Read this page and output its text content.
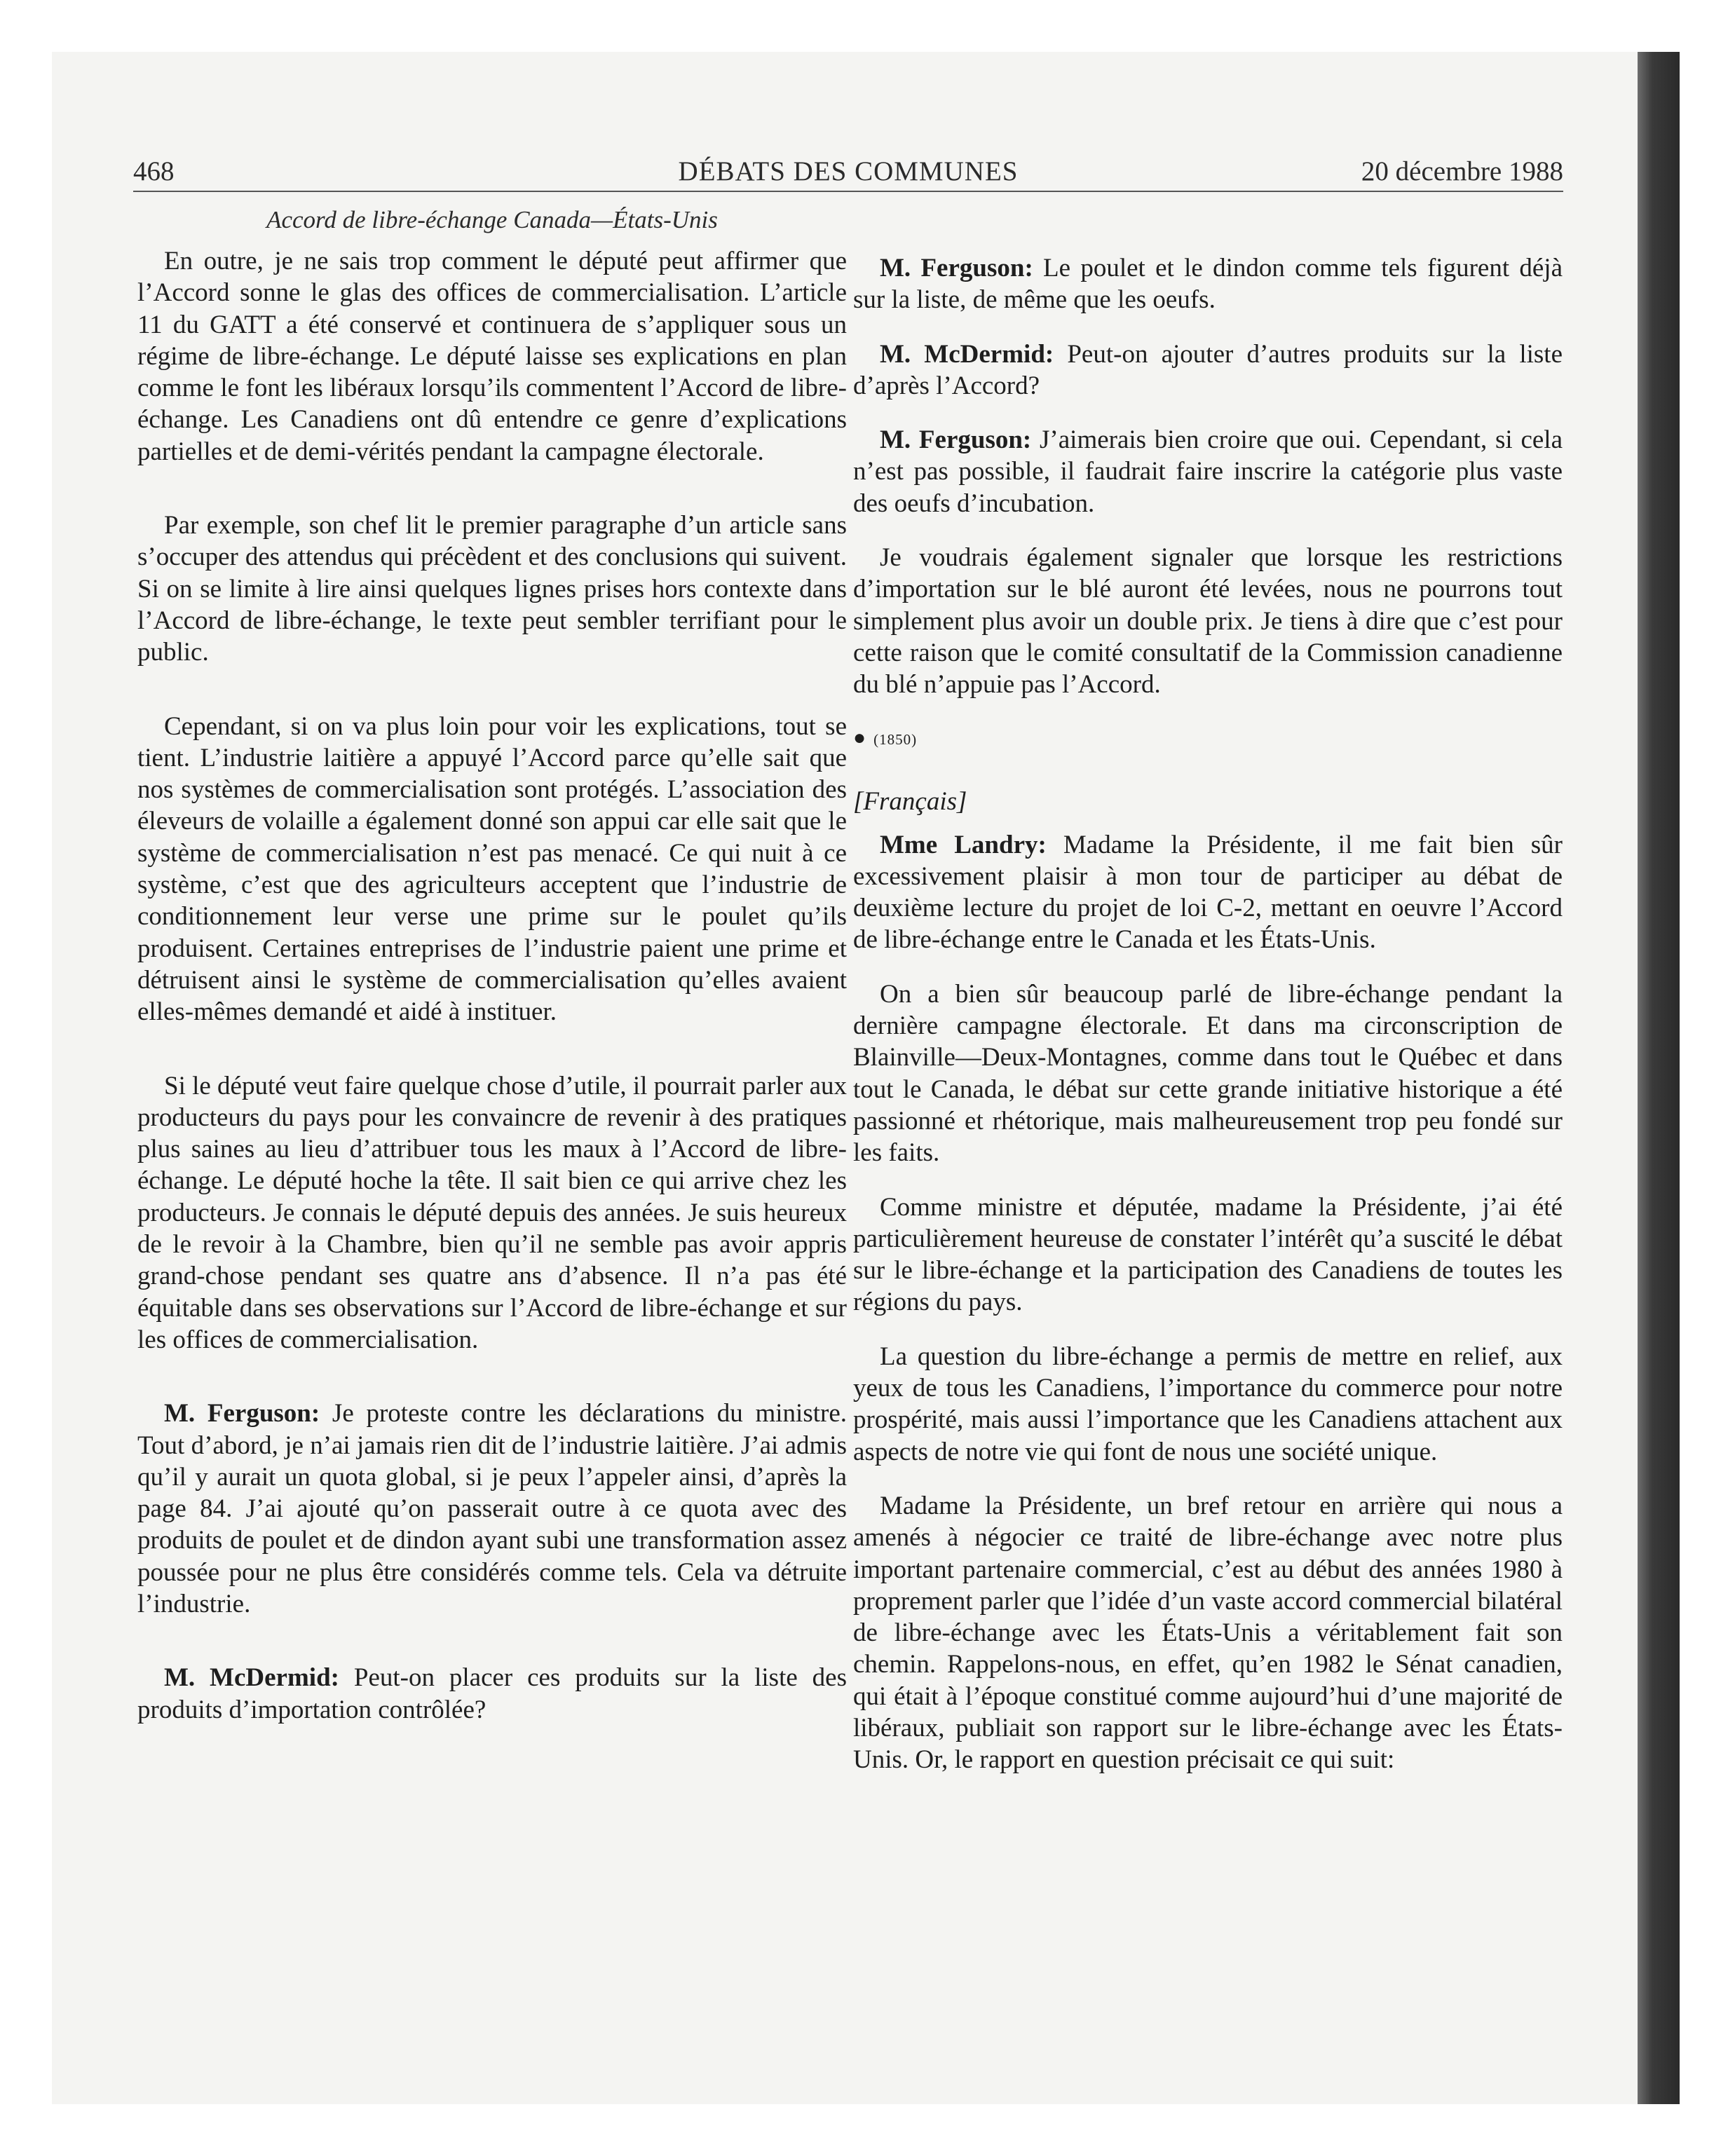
468	DÉBATS DES COMMUNES	20 décembre 1988
Accord de libre-échange Canada—États-Unis

En outre, je ne sais trop comment le député peut affirmer que l’Accord sonne le glas des offices de commercialisation. L’article 11 du GATT a été conservé et continuera de s’appliquer sous un régime de libre-échange. Le député laisse ses explications en plan comme le font les libéraux lorsqu’ils commentent l’Accord de libre-échange. Les Canadiens ont dû entendre ce genre d’explications partielles et de demi-vérités pendant la campagne électorale.

Par exemple, son chef lit le premier paragraphe d’un article sans s’occuper des attendus qui précèdent et des conclusions qui suivent. Si on se limite à lire ainsi quelques lignes prises hors contexte dans l’Accord de libre-échange, le texte peut sembler terrifiant pour le public.

Cependant, si on va plus loin pour voir les explications, tout se tient. L’industrie laitière a appuyé l’Accord parce qu’elle sait que nos systèmes de commercialisation sont protégés. L’association des éleveurs de volaille a également donné son appui car elle sait que le système de commercialisation n’est pas menacé. Ce qui nuit à ce système, c’est que des agriculteurs acceptent que l’industrie de conditionnement leur verse une prime sur le poulet qu’ils produisent. Certaines entreprises de l’industrie paient une prime et détruisent ainsi le système de commercialisation qu’elles avaient elles-mêmes demandé et aidé à instituer.

Si le député veut faire quelque chose d’utile, il pourrait parler aux producteurs du pays pour les convaincre de revenir à des pratiques plus saines au lieu d’attribuer tous les maux à l’Accord de libre-échange. Le député hoche la tête. Il sait bien ce qui arrive chez les producteurs. Je connais le député depuis des années. Je suis heureux de le revoir à la Chambre, bien qu’il ne semble pas avoir appris grand-chose pendant ses quatre ans d’absence. Il n’a pas été équitable dans ses observations sur l’Accord de libre-échange et sur les offices de commercialisation.

M. Ferguson: Je proteste contre les déclarations du ministre. Tout d’abord, je n’ai jamais rien dit de l’industrie laitière. J’ai admis qu’il y aurait un quota global, si je peux l’appeler ainsi, d’après la page 84. J’ai ajouté qu’on passerait outre à ce quota avec des produits de poulet et de dindon ayant subi une transformation assez poussée pour ne plus être considérés comme tels. Cela va détruite l’industrie.

M. McDermid: Peut-on placer ces produits sur la liste des produits d’importation contrôlée?

M. Ferguson: Le poulet et le dindon comme tels figurent déjà sur la liste, de même que les oeufs.

M. McDermid: Peut-on ajouter d’autres produits sur la liste d’après l’Accord?

M. Ferguson: J’aimerais bien croire que oui. Cependant, si cela n’est pas possible, il faudrait faire inscrire la catégorie plus vaste des oeufs d’incubation.

Je voudrais également signaler que lorsque les restrictions d’importation sur le blé auront été levées, nous ne pourrons tout simplement plus avoir un double prix. Je tiens à dire que c’est pour cette raison que le comité consultatif de la Commission canadienne du blé n’appuie pas l’Accord.

● (1850)
[Français]

Mme Landry: Madame la Présidente, il me fait bien sûr excessivement plaisir à mon tour de participer au débat de deuxième lecture du projet de loi C-2, mettant en oeuvre l’Accord de libre-échange entre le Canada et les États-Unis.

On a bien sûr beaucoup parlé de libre-échange pendant la dernière campagne électorale. Et dans ma circonscription de Blainville—Deux-Montagnes, comme dans tout le Québec et dans tout le Canada, le débat sur cette grande initiative historique a été passionné et rhétorique, mais malheureusement trop peu fondé sur les faits.

Comme ministre et députée, madame la Présidente, j’ai été particulièrement heureuse de constater l’intérêt qu’a suscité le débat sur le libre-échange et la participation des Canadiens de toutes les régions du pays.

La question du libre-échange a permis de mettre en relief, aux yeux de tous les Canadiens, l’importance du commerce pour notre prospérité, mais aussi l’importance que les Canadiens attachent aux aspects de notre vie qui font de nous une société unique.

Madame la Présidente, un bref retour en arrière qui nous a amenés à négocier ce traité de libre-échange avec notre plus important partenaire commercial, c’est au début des années 1980 à proprement parler que l’idée d’un vaste accord commercial bilatéral de libre-échange avec les États-Unis a véritablement fait son chemin. Rappelons-nous, en effet, qu’en 1982 le Sénat canadien, qui était à l’époque constitué comme aujourd’hui d’une majorité de libéraux, publiait son rapport sur le libre-échange avec les États-Unis. Or, le rapport en question précisait ce qui suit:
